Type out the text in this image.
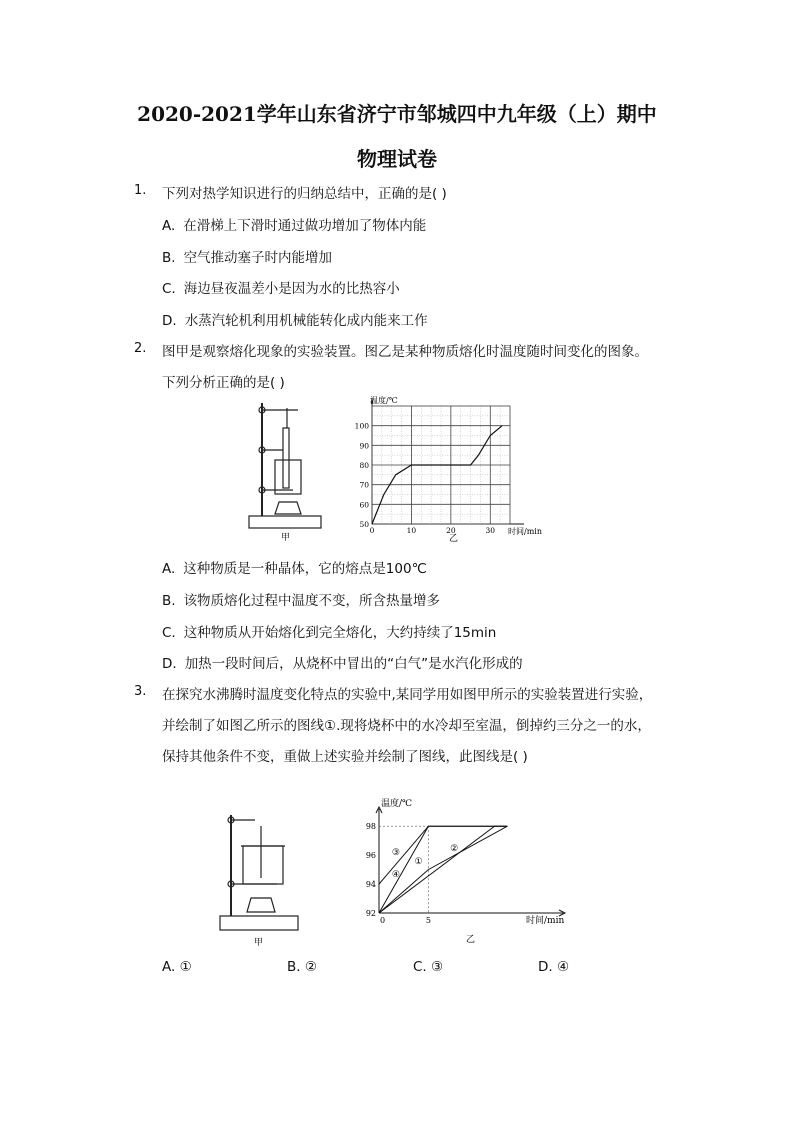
2020-2021学年山东省济宁市邹城四中九年级（上）期中
物理试卷
1. 下列对热学知识进行的归纳总结中，正确的是( )
A. 在滑梯上下滑时通过做功增加了物体内能
B. 空气推动塞子时内能增加
C. 海边昼夜温差小是因为水的比热容小
D. 水蒸汽轮机利用机械能转化成内能来工作
2. 图甲是观察熔化现象的实验装置。图乙是某种物质熔化时温度随时间变化的图象。
下列分析正确的是( )
甲
50
60
70
80
90
100
0	10	20	30
温度/℃
时间/min
乙
A. 这种物质是一种晶体，它的熔点是100℃
B. 该物质熔化过程中温度不变，所含热量增多
C. 这种物质从开始熔化到完全熔化，大约持续了15min
D. 加热一段时间后，从烧杯中冒出的“白气”是水汽化形成的
3. 在探究水沸腾时温度变化特点的实验中,某同学用如图甲所示的实验装置进行实验，
并绘制了如图乙所示的图线①.现将烧杯中的水冷却至室温，倒掉约三分之一的水，
保持其他条件不变，重做上述实验并绘制了图线，此图线是( )
甲
92
94
96
98
0	5
①
②
③
④
温度/℃
时间/min
乙
A. ①	B. ②	C. ③	D. ④
